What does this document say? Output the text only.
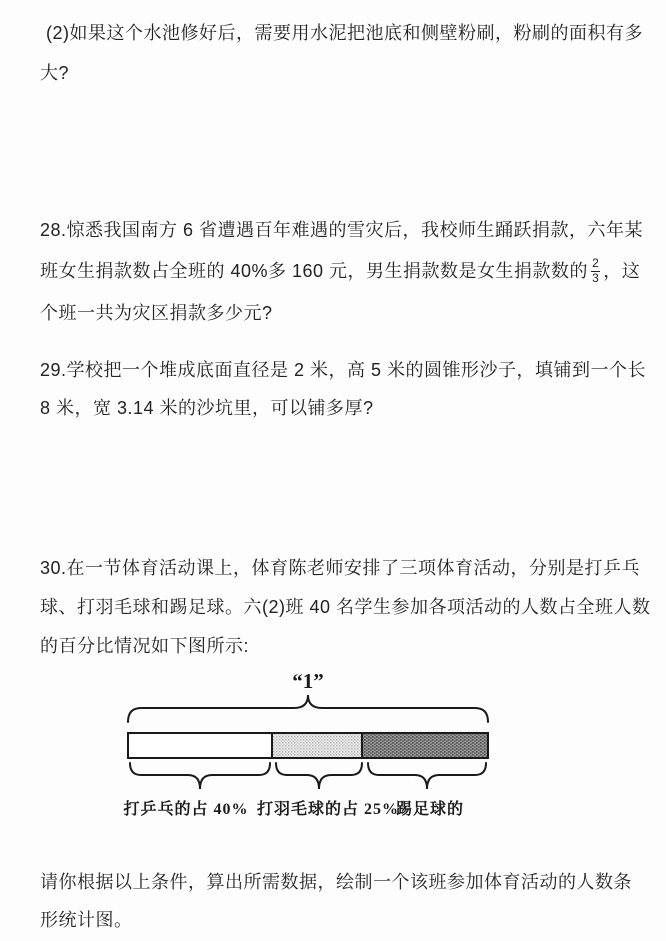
(2)如果这个水池修好后，需要用水泥把池底和侧壁粉刷，粉刷的面积有多
大?
28.惊悉我国南方 6 省遭遇百年难遇的雪灾后，我校师生踊跃捐款，六年某
班女生捐款数占全班的 40%多 160 元，男生捐款数是女生捐款数的 $\frac{2}{3}$ ，这
个班一共为灾区捐款多少元?
29.学校把一个堆成底面直径是 2 米，高 5 米的圆锥形沙子，填铺到一个长
8 米，宽 3.14 米的沙坑里，可以铺多厚?
30.在一节体育活动课上，体育陈老师安排了三项体育活动，分别是打乒乓
球、打羽毛球和踢足球。六(2)班 40 名学生参加各项活动的人数占全班人数
的百分比情况如下图所示:
“1”
打乒乓的占 40% 打羽毛球的占 25%
踢足球的
请你根据以上条件，算出所需数据，绘制一个该班参加体育活动的人数条
形统计图。
